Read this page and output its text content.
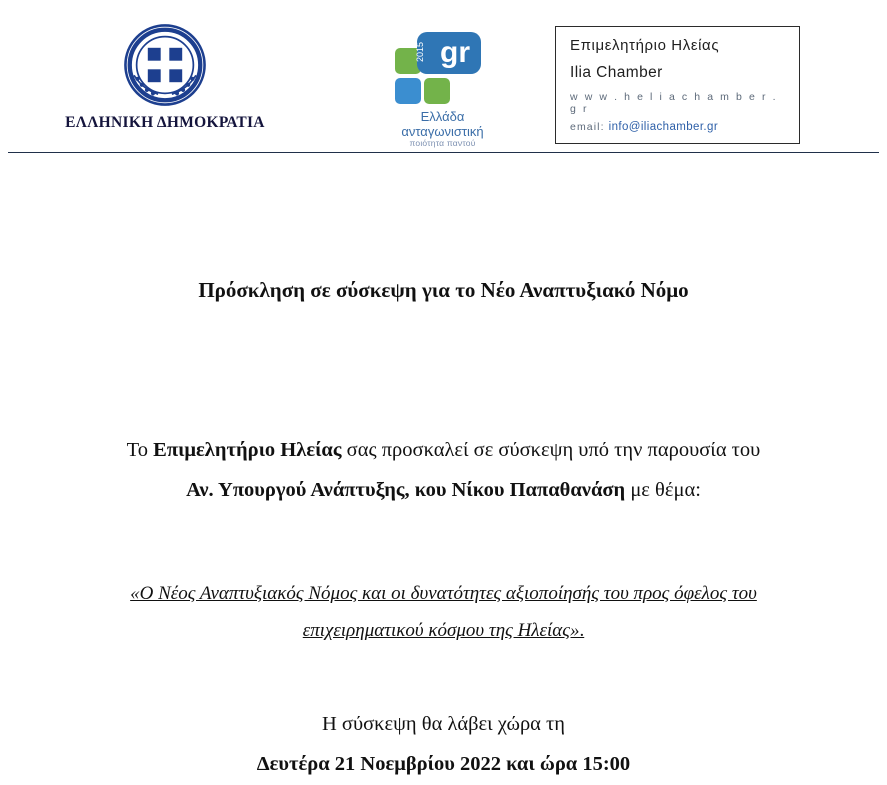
ΕΛΛΗΝΙΚΗ ΔΗΜΟΚΡΑΤΙΑ
gr
2015
Ελλάδα
ανταγωνιστική
ποιότητα παντού
Επιμελητήριο Ηλείας
Ilia Chamber
w w w . h e l i a c h a m b e r . g r
email: info@iliachamber.gr
Πρόσκληση σε σύσκεψη για το Νέο Αναπτυξιακό Νόμο
Το Επιμελητήριο Ηλείας σας προσκαλεί σε σύσκεψη υπό την παρουσία του
Αν. Υπουργού Ανάπτυξης, κου Νίκου Παπαθανάση με θέμα:
«Ο Νέος Αναπτυξιακός Νόμος και οι δυνατότητες αξιοποίησής του προς όφελος του
επιχειρηματικού κόσμου της Ηλείας».
Η σύσκεψη θα λάβει χώρα τη
Δευτέρα 21 Νοεμβρίου 2022 και ώρα 15:00
